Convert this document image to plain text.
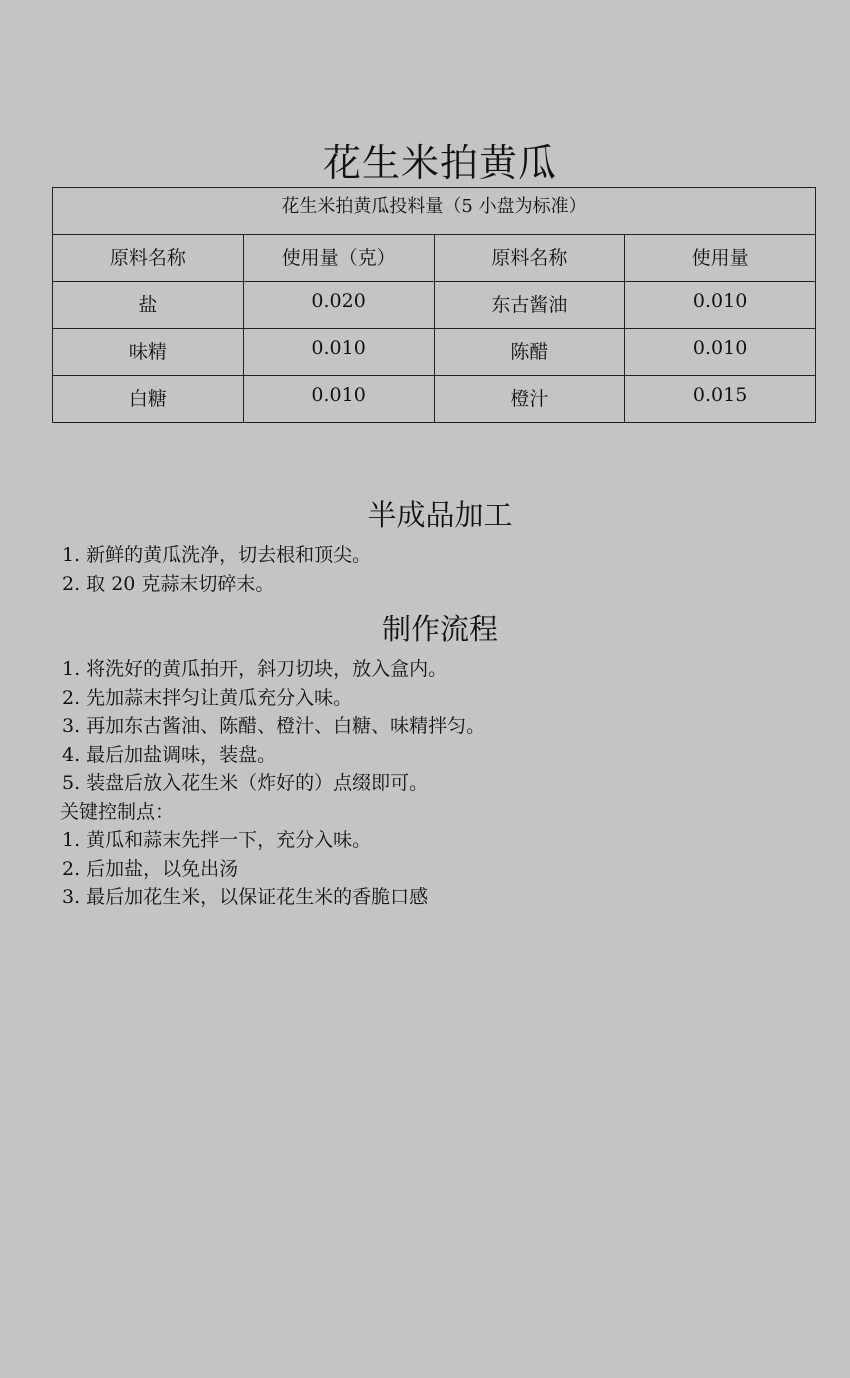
花生米拍黄瓜
花生米拍黄瓜投料量（5 小盘为标准）			
原料名称	使用量（克）	原料名称	使用量
盐	0.020	东古酱油	0.010
味精	0.010	陈醋	0.010
白糖	0.010	橙汁	0.015
半成品加工
1. 新鲜的黄瓜洗净，切去根和顶尖。
2. 取 20 克蒜末切碎末。
制作流程
1. 将洗好的黄瓜拍开，斜刀切块，放入盒内。
2. 先加蒜末拌匀让黄瓜充分入味。
3. 再加东古酱油、陈醋、橙汁、白糖、味精拌匀。
4. 最后加盐调味，装盘。
5. 装盘后放入花生米（炸好的）点缀即可。
关键控制点：
1. 黄瓜和蒜末先拌一下，充分入味。
2. 后加盐，以免出汤
3. 最后加花生米，以保证花生米的香脆口感
